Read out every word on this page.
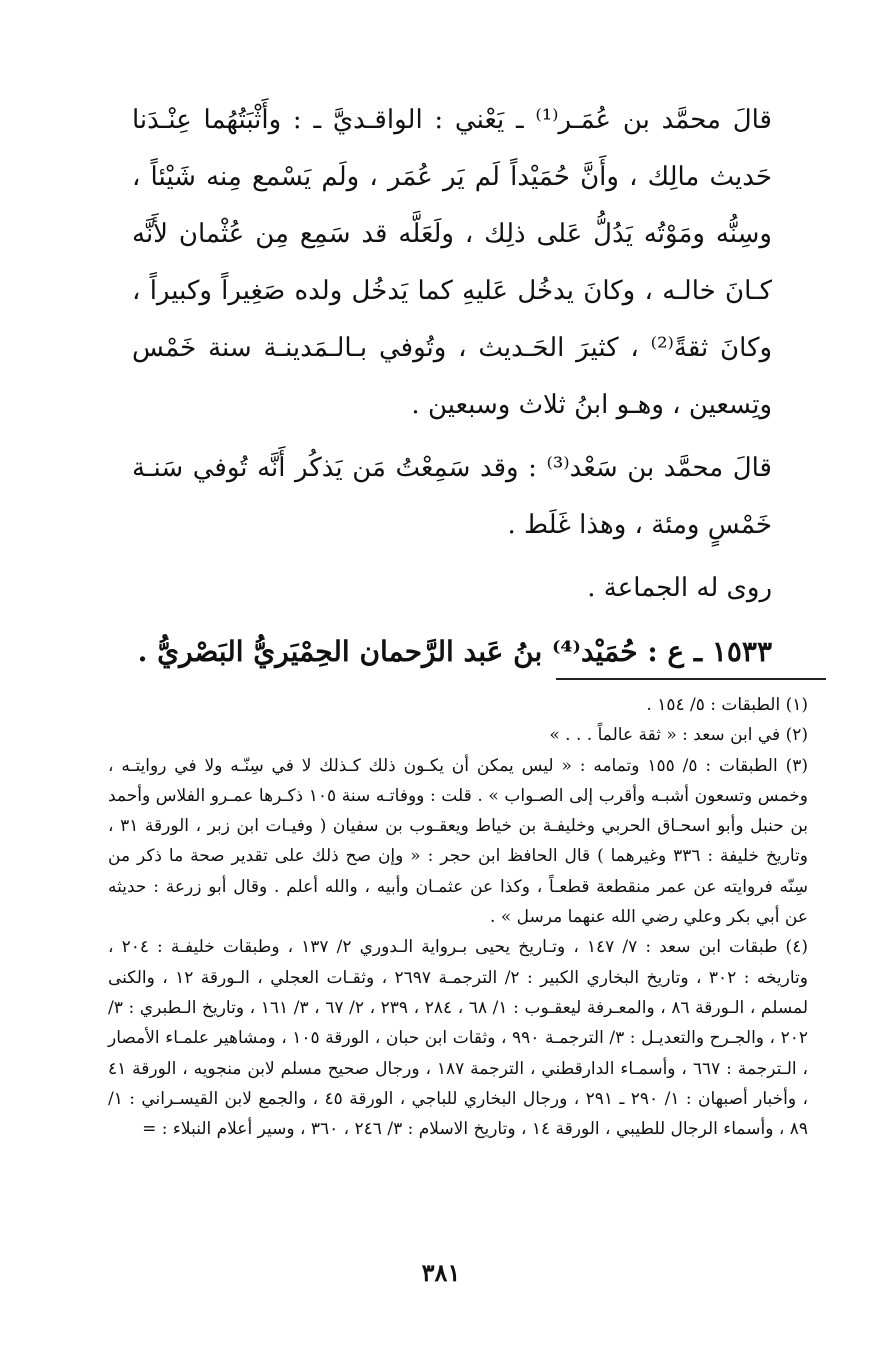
قالَ محمَّد بن عُمَـر⁽¹⁾ ـ يَعْني : الواقـديَّ ـ : وأَثْبَتُهُما عِنْـدَنا حَديث مالِك ، وأَنَّ حُمَيْداً لَم يَر عُمَر ، ولَم يَسْمع مِنه شَيْئاً ، وسِنُّه ومَوْتُه يَدُلُّ عَلى ذلِك ، ولَعَلَّه قد سَمِع مِن عُثْمان لأَنَّه كـانَ خالـه ، وكانَ يدخُل عَليهِ كما يَدخُل ولده صَغِيراً وكبيراً ، وكانَ ثقةً⁽²⁾ ، كثيرَ الحَـديث ، وتُوفي بـالـمَدينـة سنة خَمْس وتِسعين ، وهـو ابنُ ثلاث وسبعين .

قالَ محمَّد بن سَعْد⁽³⁾ : وقد سَمِعْتُ مَن يَذكُر أَنَّه تُوفي سَنـة خَمْسٍ ومئة ، وهذا غَلَط .

روى له الجماعة .

١٥٣٣ ـ ع : حُمَيْد⁽⁴⁾ بنُ عَبد الرَّحمان الحِمْيَريُّ البَصْريُّ .

(١) الطبقات : ٥/ ١٥٤ .

(٢) في ابن سعد : « ثقة عالماً . . . »

(٣) الطبقات : ٥/ ١٥٥ وتمامه : « ليس يمكن أن يكـون ذلك كـذلك لا في سِنّـه ولا في روايتـه ، وخمس وتسعون أشبـه وأقرب إلى الصـواب » . قلت : ووفاتـه سنة ١٠٥ ذكـرها عمـرو الفلاس وأحمد بن حنبل وأبو اسحـاق الحربي وخليفـة بن خياط ويعقـوب بن سفيان ( وفيـات ابن زبر ، الورقة ٣١ ، وتاريخ خليفة : ٣٣٦ وغيرهما ) قال الحافظ ابن حجر : « وإن صح ذلك على تقدير صحة ما ذكر من سِنّه فروايته عن عمر منقطعة قطعـاً ، وكذا عن عثمـان وأبيه ، والله أعلم . وقال أبو زرعة : حديثه عن أبي بكر وعلي رضي الله عنهما مرسل » .

(٤) طبقات ابن سعد : ٧/ ١٤٧ ، وتـاريخ يحيى بـرواية الـدوري ٢/ ١٣٧ ، وطبقات خليفـة : ٢٠٤ ، وتاريخه : ٣٠٢ ، وتاريخ البخاري الكبير : ٢/ الترجمـة ٢٦٩٧ ، وثقـات العجلي ، الـورقة ١٢ ، والكنى لمسلم ، الـورقة ٨٦ ، والمعـرفة ليعقـوب : ١/ ٦٨ ، ٢٨٤ ، ٢٣٩ ، ٢/ ٦٧ ، ٣/ ١٦١ ، وتاريخ الـطبري : ٣/ ٢٠٢ ، والجـرح والتعديـل : ٣/ الترجمـة ٩٩٠ ، وثقات ابن حبان ، الورقة ١٠٥ ، ومشاهير علمـاء الأمصار ، الـترجمة : ٦٦٧ ، وأسمـاء الدارقطني ، الترجمة ١٨٧ ، ورجال صحيح مسلم لابن منجويه ، الورقة ٤١ ، وأخبار أصبهان : ١/ ٢٩٠ ـ ٢٩١ ، ورجال البخاري للباجي ، الورقة ٤٥ ، والجمع لابن القيسـراني : ١/ ٨٩ ، وأسماء الرجال للطيبي ، الورقة ١٤ ، وتاريخ الاسلام : ٣/ ٢٤٦ ، ٣٦٠ ، وسير أعلام النبلاء : =

٣٨١
